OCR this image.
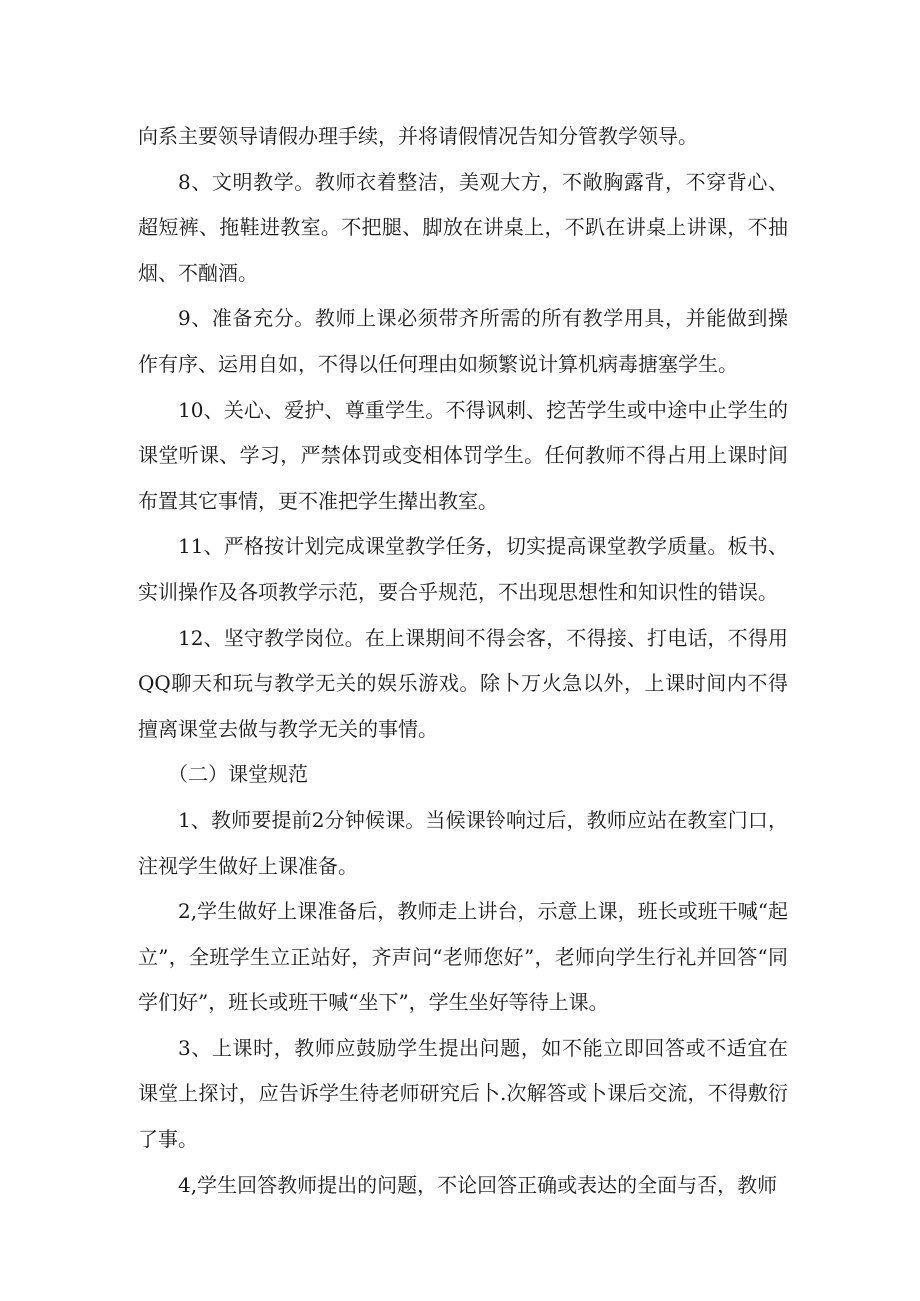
向系主要领导请假办理手续，并将请假情况告知分管教学领导。

8、文明教学。教师衣着整洁，美观大方，不敞胸露背，不穿背心、超短裤、拖鞋进教室。不把腿、脚放在讲桌上，不趴在讲桌上讲课，不抽烟、不酗酒。

9、准备充分。教师上课必须带齐所需的所有教学用具，并能做到操作有序、运用自如，不得以任何理由如频繁说计算机病毒搪塞学生。

10、关心、爱护、尊重学生。不得讽刺、挖苦学生或中途中止学生的课堂听课、学习，严禁体罚或变相体罚学生。任何教师不得占用上课时间布置其它事情，更不准把学生撵出教室。

11、严格按计划完成课堂教学任务，切实提高课堂教学质量。板书、实训操作及各项教学示范，要合乎规范，不出现思想性和知识性的错误。

12、坚守教学岗位。在上课期间不得会客，不得接、打电话，不得用QQ聊天和玩与教学无关的娱乐游戏。除卜万火急以外，上课时间内不得擅离课堂去做与教学无关的事情。

（二）课堂规范

1、教师要提前2分钟候课。当候课铃响过后，教师应站在教室门口，注视学生做好上课准备。

2,学生做好上课准备后，教师走上讲台，示意上课，班长或班干喊“起立”，全班学生立正站好，齐声问“老师您好”，老师向学生行礼并回答“同学们好”，班长或班干喊“坐下”，学生坐好等待上课。

3、上课时，教师应鼓励学生提出问题，如不能立即回答或不适宜在课堂上探讨，应告诉学生待老师研究后卜.次解答或卜课后交流，不得敷衍了事。

4,学生回答教师提出的问题，不论回答正确或表达的全面与否，教师
